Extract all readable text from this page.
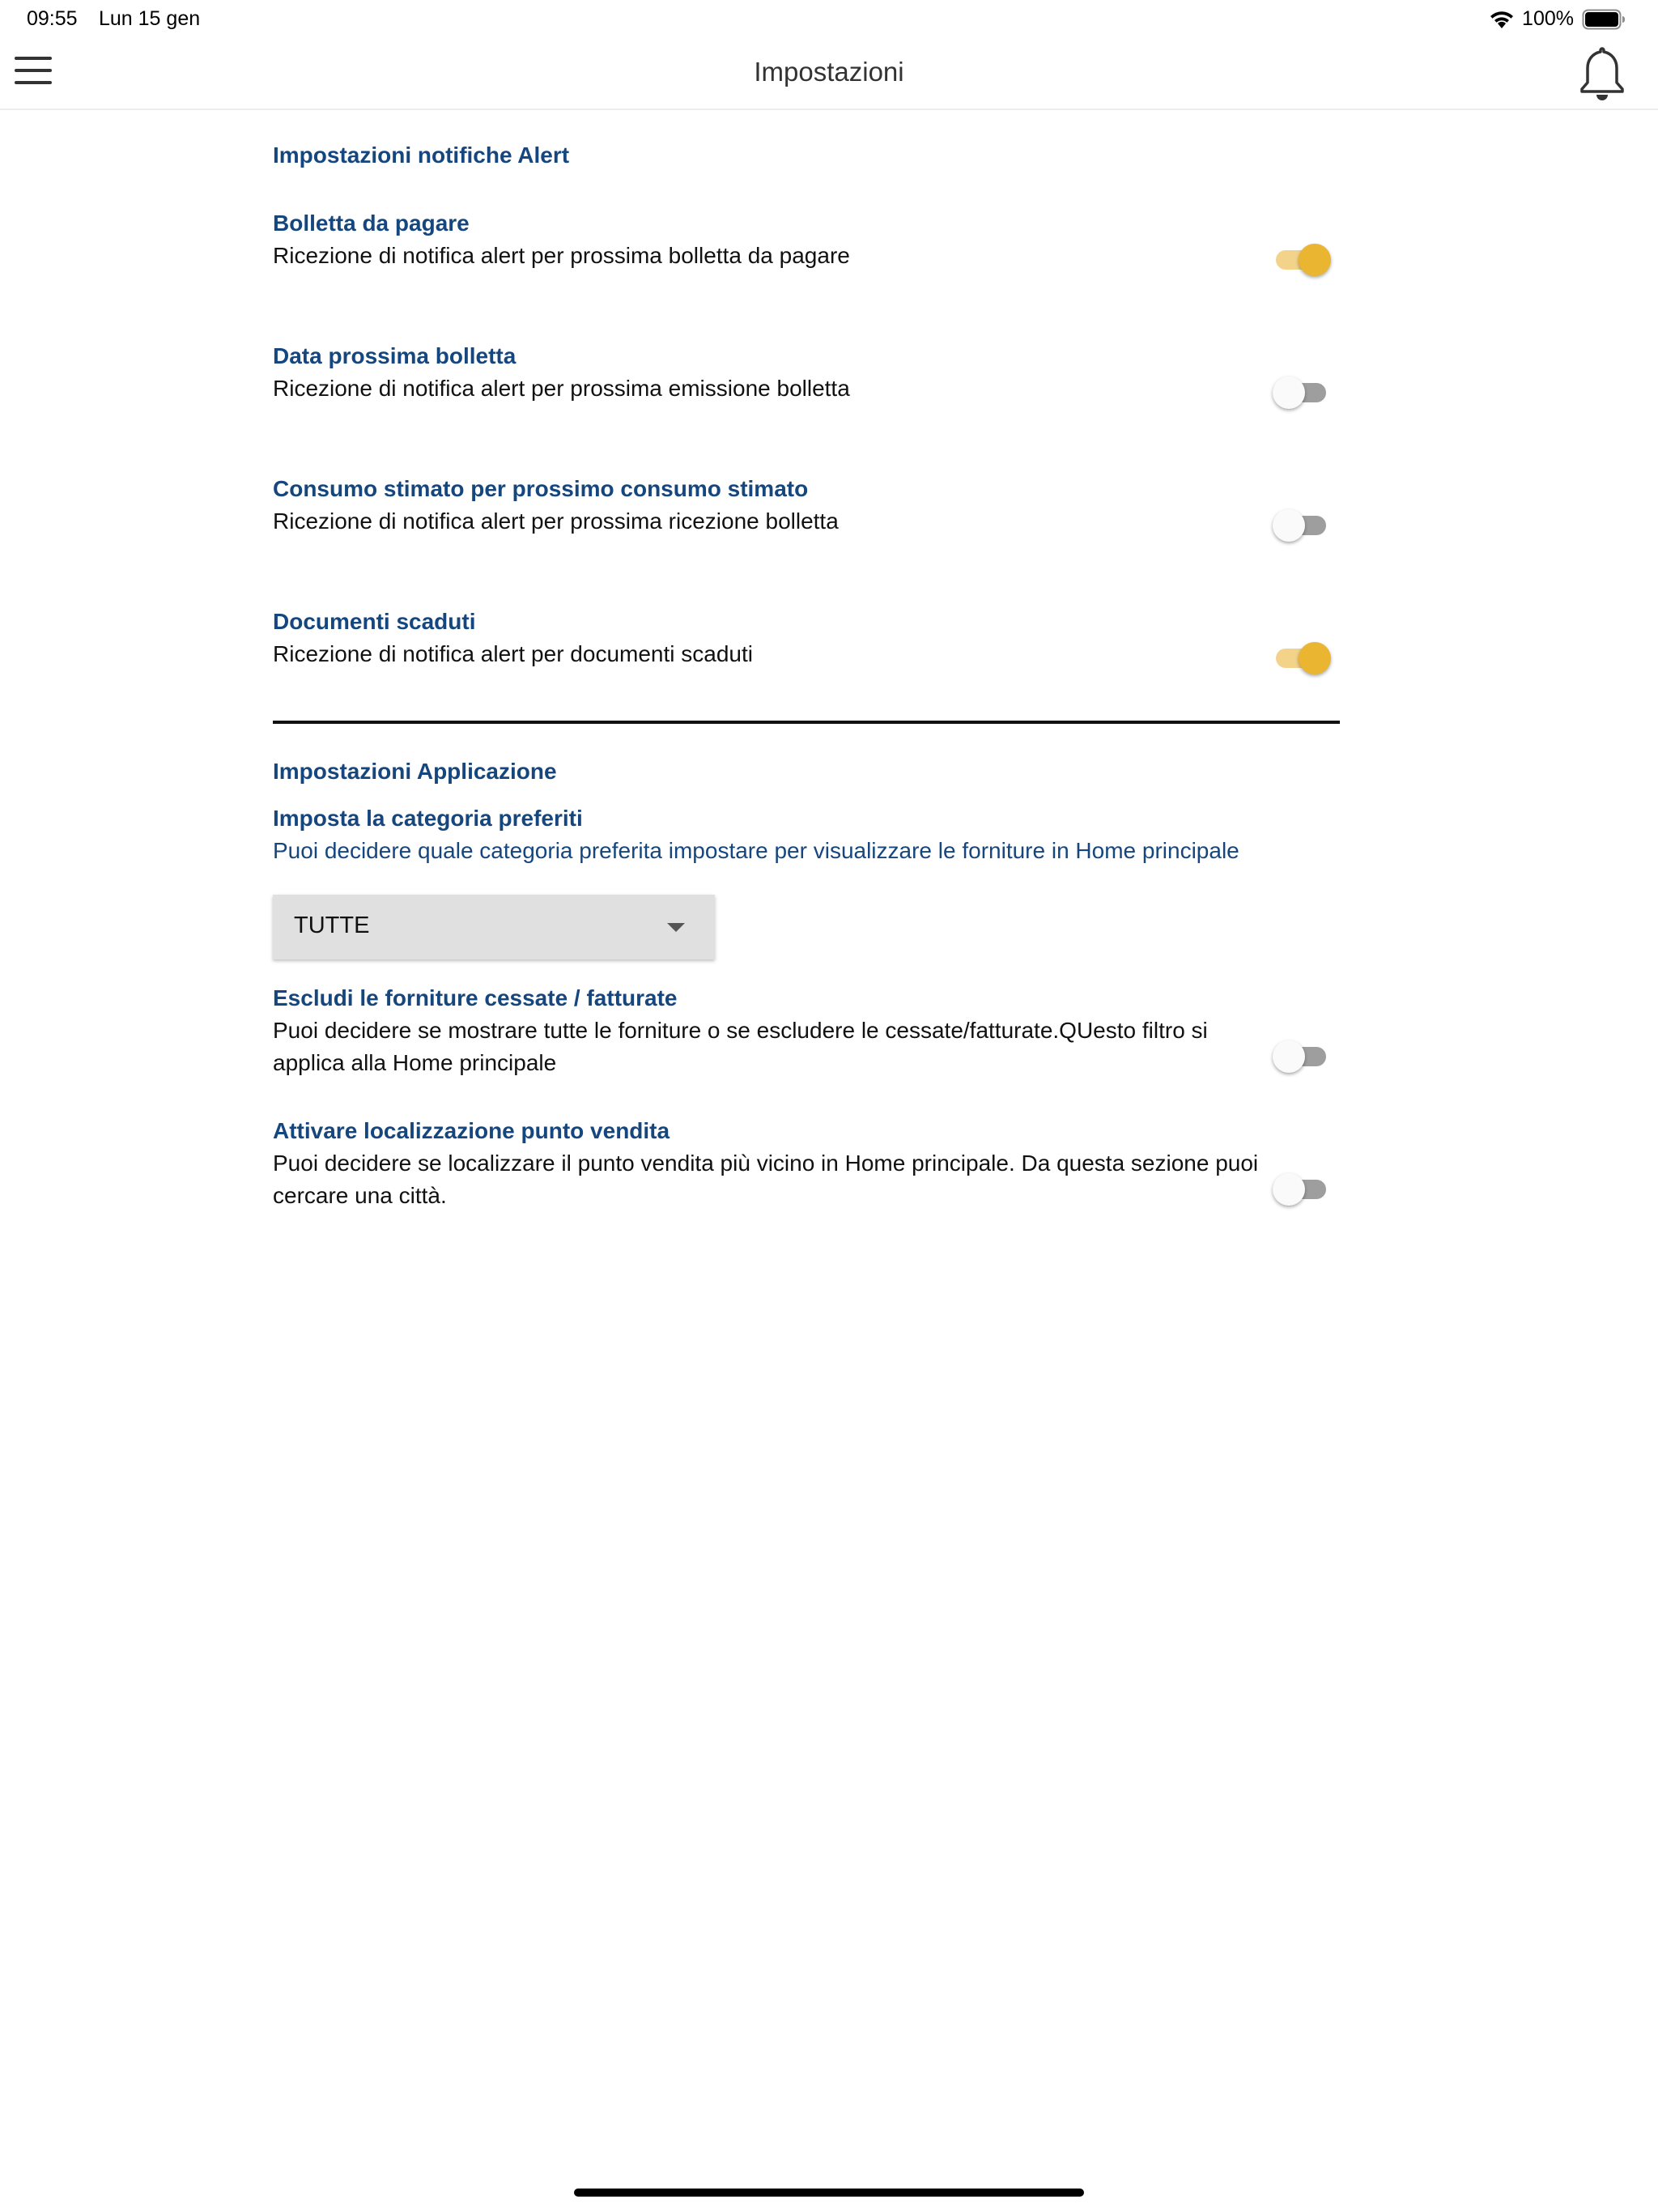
09:55 Lun 15 gen	100%
Impostazioni
Impostazioni notifiche Alert
Bolletta da pagare
Ricezione di notifica alert per prossima bolletta da pagare
Data prossima bolletta
Ricezione di notifica alert per prossima emissione bolletta
Consumo stimato per prossimo consumo stimato
Ricezione di notifica alert per prossima ricezione bolletta
Documenti scaduti
Ricezione di notifica alert per documenti scaduti
Impostazioni Applicazione
Imposta la categoria preferiti
Puoi decidere quale categoria preferita impostare per visualizzare le forniture in Home principale
TUTTE
Escludi le forniture cessate / fatturate
Puoi decidere se mostrare tutte le forniture o se escludere le cessate/fatturate.QUesto filtro si applica alla Home principale
Attivare localizzazione punto vendita
Puoi decidere se localizzare il punto vendita più vicino in Home principale. Da questa sezione puoi cercare una città.
